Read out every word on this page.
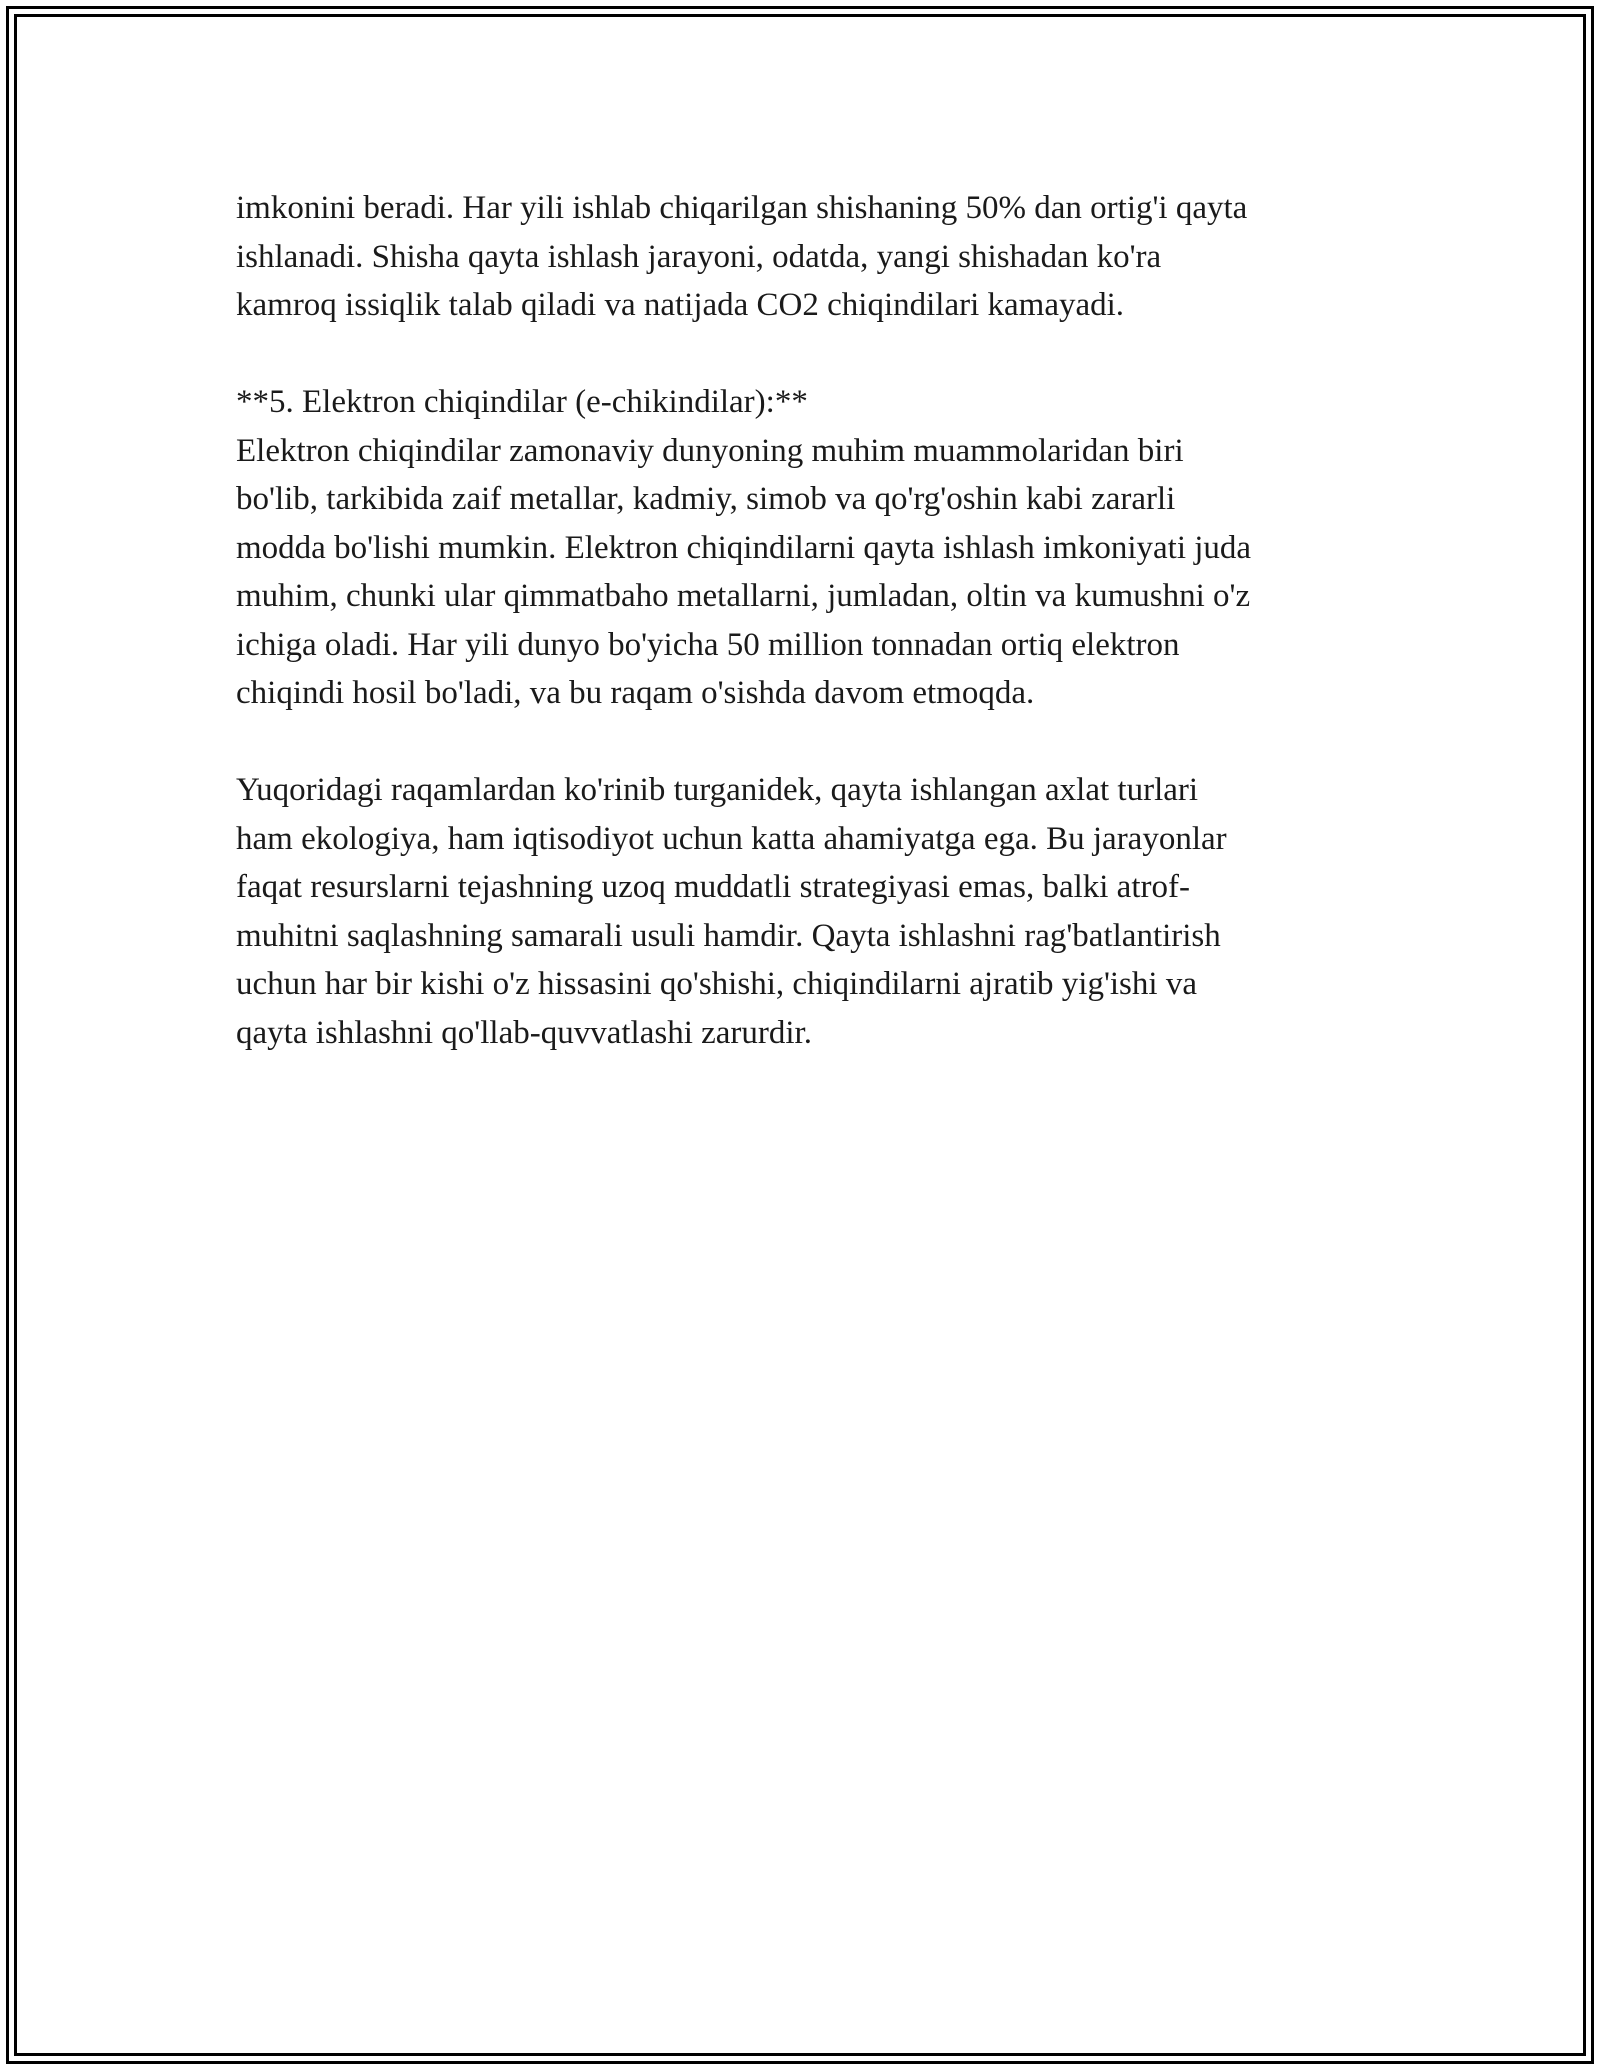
imkonini beradi. Har yili ishlab chiqarilgan shishaning 50% dan ortig'i qayta
ishlanadi. Shisha qayta ishlash jarayoni, odatda, yangi shishadan ko'ra
kamroq issiqlik talab qiladi va natijada CO2 chiqindilari kamayadi.

**5. Elektron chiqindilar (e-chikindilar):**
Elektron chiqindilar zamonaviy dunyoning muhim muammolaridan biri
bo'lib, tarkibida zaif metallar, kadmiy, simob va qo'rg'oshin kabi zararli
modda bo'lishi mumkin. Elektron chiqindilarni qayta ishlash imkoniyati juda
muhim, chunki ular qimmatbaho metallarni, jumladan, oltin va kumushni o'z
ichiga oladi. Har yili dunyo bo'yicha 50 million tonnadan ortiq elektron
chiqindi hosil bo'ladi, va bu raqam o'sishda davom etmoqda.

Yuqoridagi raqamlardan ko'rinib turganidek, qayta ishlangan axlat turlari
ham ekologiya, ham iqtisodiyot uchun katta ahamiyatga ega. Bu jarayonlar
faqat resurslarni tejashning uzoq muddatli strategiyasi emas, balki atrof-
muhitni saqlashning samarali usuli hamdir. Qayta ishlashni rag'batlantirish
uchun har bir kishi o'z hissasini qo'shishi, chiqindilarni ajratib yig'ishi va
qayta ishlashni qo'llab-quvvatlashi zarurdir.
